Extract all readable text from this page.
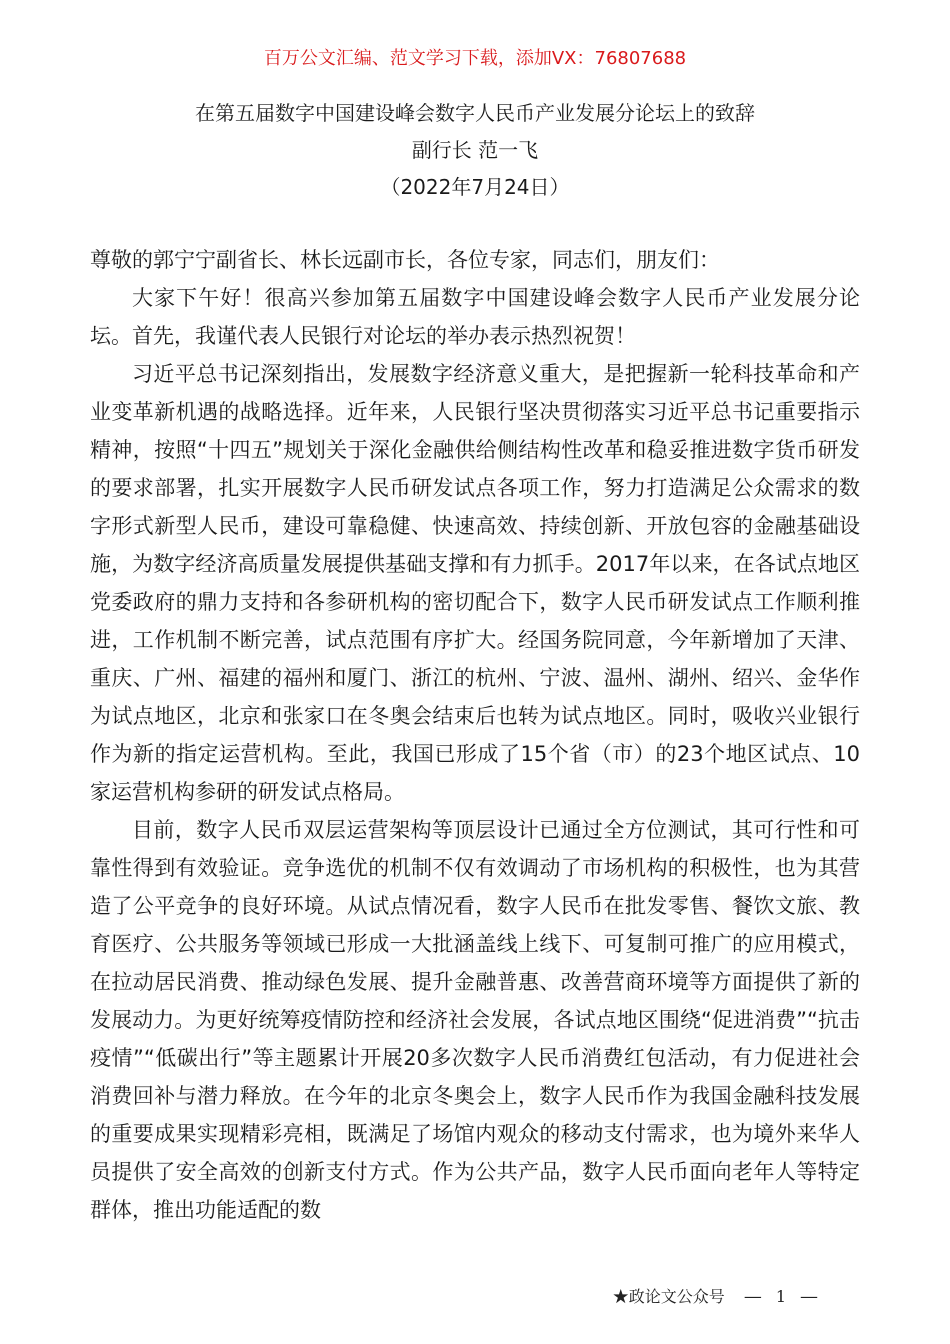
百万公文汇编、范文学习下载，添加VX：76807688
在第五届数字中国建设峰会数字人民币产业发展分论坛上的致辞
副行长 范一飞
（2022年7月24日）

尊敬的郭宁宁副省长、林长远副市长，各位专家，同志们，朋友们：

大家下午好！很高兴参加第五届数字中国建设峰会数字人民币产业发展分论坛。首先，我谨代表人民银行对论坛的举办表示热烈祝贺！

习近平总书记深刻指出，发展数字经济意义重大，是把握新一轮科技革命和产业变革新机遇的战略选择。近年来，人民银行坚决贯彻落实习近平总书记重要指示精神，按照“十四五”规划关于深化金融供给侧结构性改革和稳妥推进数字货币研发的要求部署，扎实开展数字人民币研发试点各项工作，努力打造满足公众需求的数字形式新型人民币，建设可靠稳健、快速高效、持续创新、开放包容的金融基础设施，为数字经济高质量发展提供基础支撑和有力抓手。2017年以来，在各试点地区党委政府的鼎力支持和各参研机构的密切配合下，数字人民币研发试点工作顺利推进，工作机制不断完善，试点范围有序扩大。经国务院同意，今年新增加了天津、重庆、广州、福建的福州和厦门、浙江的杭州、宁波、温州、湖州、绍兴、金华作为试点地区，北京和张家口在冬奥会结束后也转为试点地区。同时，吸收兴业银行作为新的指定运营机构。至此，我国已形成了15个省（市）的23个地区试点、10家运营机构参研的研发试点格局。

目前，数字人民币双层运营架构等顶层设计已通过全方位测试，其可行性和可靠性得到有效验证。竞争选优的机制不仅有效调动了市场机构的积极性，也为其营造了公平竞争的良好环境。从试点情况看，数字人民币在批发零售、餐饮文旅、教育医疗、公共服务等领域已形成一大批涵盖线上线下、可复制可推广的应用模式，在拉动居民消费、推动绿色发展、提升金融普惠、改善营商环境等方面提供了新的发展动力。为更好统筹疫情防控和经济社会发展，各试点地区围绕“促进消费”“抗击疫情”“低碳出行”等主题累计开展20多次数字人民币消费红包活动，有力促进社会消费回补与潜力释放。在今年的北京冬奥会上，数字人民币作为我国金融科技发展的重要成果实现精彩亮相，既满足了场馆内观众的移动支付需求，也为境外来华人员提供了安全高效的创新支付方式。作为公共产品，数字人民币面向老年人等特定群体，推出功能适配的数

★政论文公众号 — 1 —
